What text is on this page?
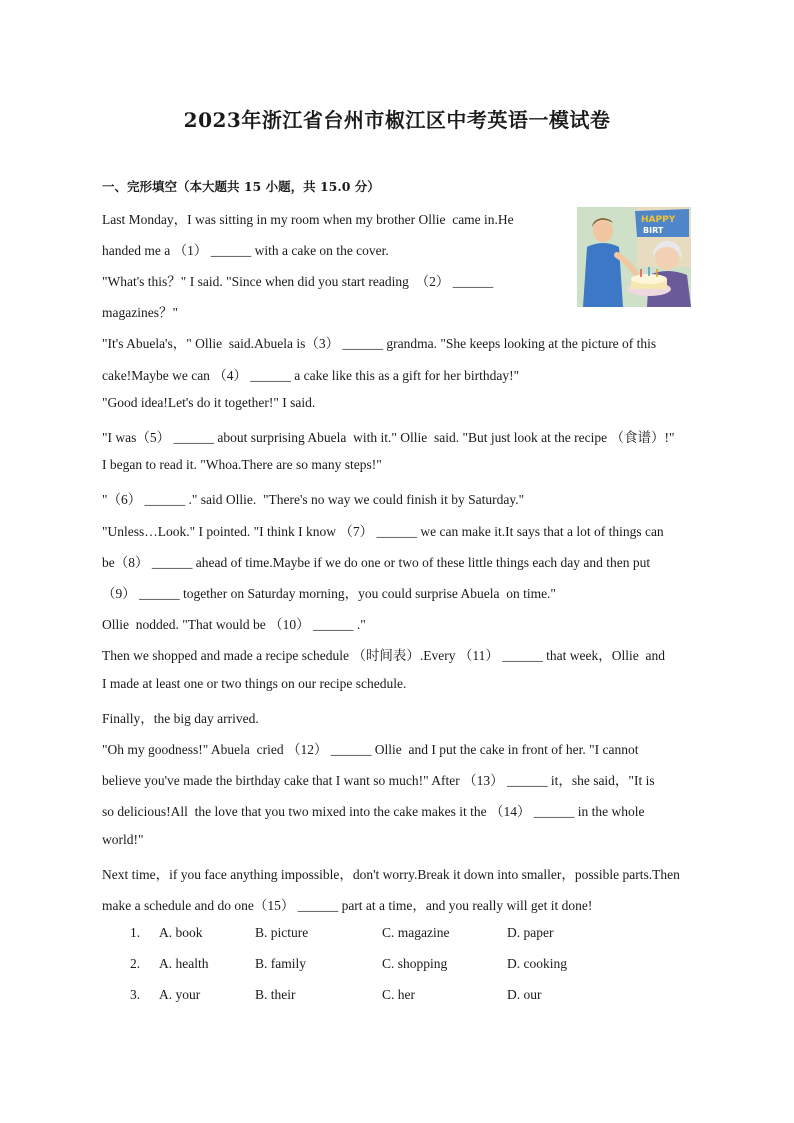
2023年浙江省台州市椒江区中考英语一模试卷
一、完形填空（本大题共 15 小题，共 15.0 分）
Last Monday，I was sitting in my room when my brother Ollie  came in.He
handed me a （1） ______ with a cake on the cover.
"What's this？" I said. "Since when did you start reading  （2） ______
magazines？"
"It's Abuela's，" Ollie  said.Abuela is（3） ______ grandma. "She keeps looking at the picture of this
cake!Maybe we can （4） ______ a cake like this as a gift for her birthday!"
"Good idea!Let's do it together!" I said.
"I was（5） ______ about surprising Abuela  with it." Ollie  said. "But just look at the recipe （食谱）!"
I began to read it. "Whoa.There are so many steps!"
"（6） ______ ." said Ollie.  "There's no way we could finish it by Saturday."
"Unless…Look." I pointed. "I think I know （7） ______ we can make it.It says that a lot of things can
be（8） ______ ahead of time.Maybe if we do one or two of these little things each day and then put
（9） ______ together on Saturday morning，you could surprise Abuela  on time."
Ollie  nodded. "That would be （10） ______ ."
Then we shopped and made a recipe schedule （时间表）.Every （11） ______ that week，Ollie  and
I made at least one or two things on our recipe schedule.
Finally，the big day arrived.
"Oh my goodness!" Abuela  cried （12） ______ Ollie  and I put the cake in front of her. "I cannot
believe you've made the birthday cake that I want so much!" After （13） ______ it，she said，"It is
so delicious!All  the love that you two mixed into the cake makes it the （14） ______ in the whole
world!"
Next time，if you face anything impossible，don't worry.Break it down into smaller，possible parts.Then
make a schedule and do one（15） ______ part at a time，and you really will get it done!
HAPPY
BIRT
1. A. book	B. picture	C. magazine	D. paper
2. A. health	B. family	C. shopping	D. cooking
3. A. your	B. their	C. her	D. our
